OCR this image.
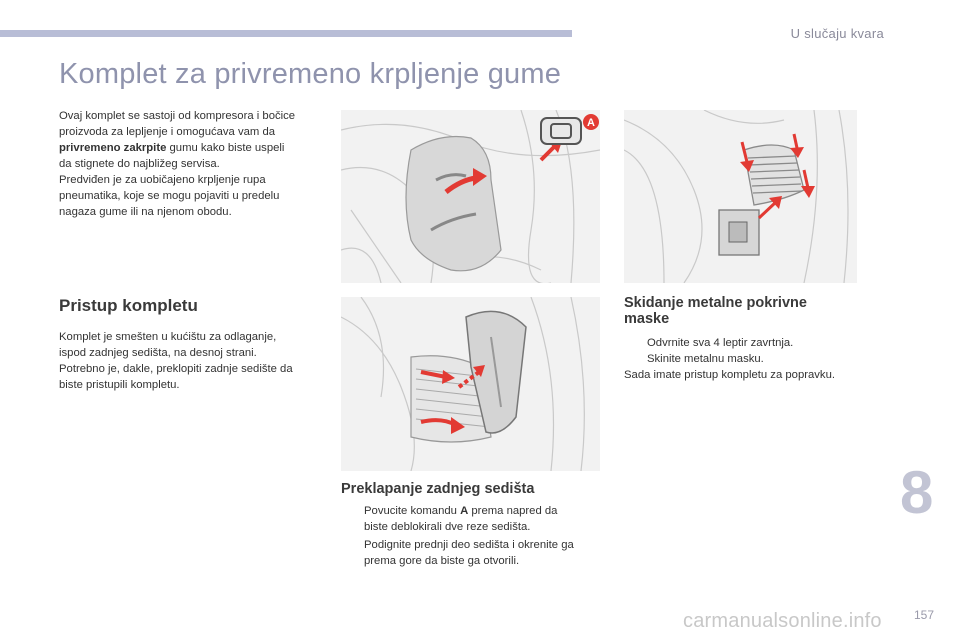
U slučaju kvara
Komplet za privremeno krpljenje gume

Ovaj komplet se sastoji od kompresora i bočice

proizvoda za lepljenje i omogućava vam da

privremeno zakrpite gumu kako biste uspeli

da stignete do najbližeg servisa.

Predviđen je za uobičajeno krpljenje rupa

pneumatika, koje se mogu pojaviti u predelu

nagaza gume ili na njenom obodu.

Pristup kompletu

Komplet je smešten u kućištu za odlaganje,

ispod zadnjeg sedišta, na desnoj strani.

Potrebno je, dakle, preklopiti zadnje sedište da

biste pristupili kompletu.

A
Skidanje metalne pokrivne
maske
Odvrnite sva 4 leptir zavrtnja.
Skinite metalnu masku.

Sada imate pristup kompletu za popravku.

Preklapanje zadnjeg sedišta
Povucite komandu A prema napred da
biste deblokirali dve reze sedišta.
Podignite prednji deo sedišta i okrenite ga
prema gore da biste ga otvorili.
8
carmanualsonline.info	157
